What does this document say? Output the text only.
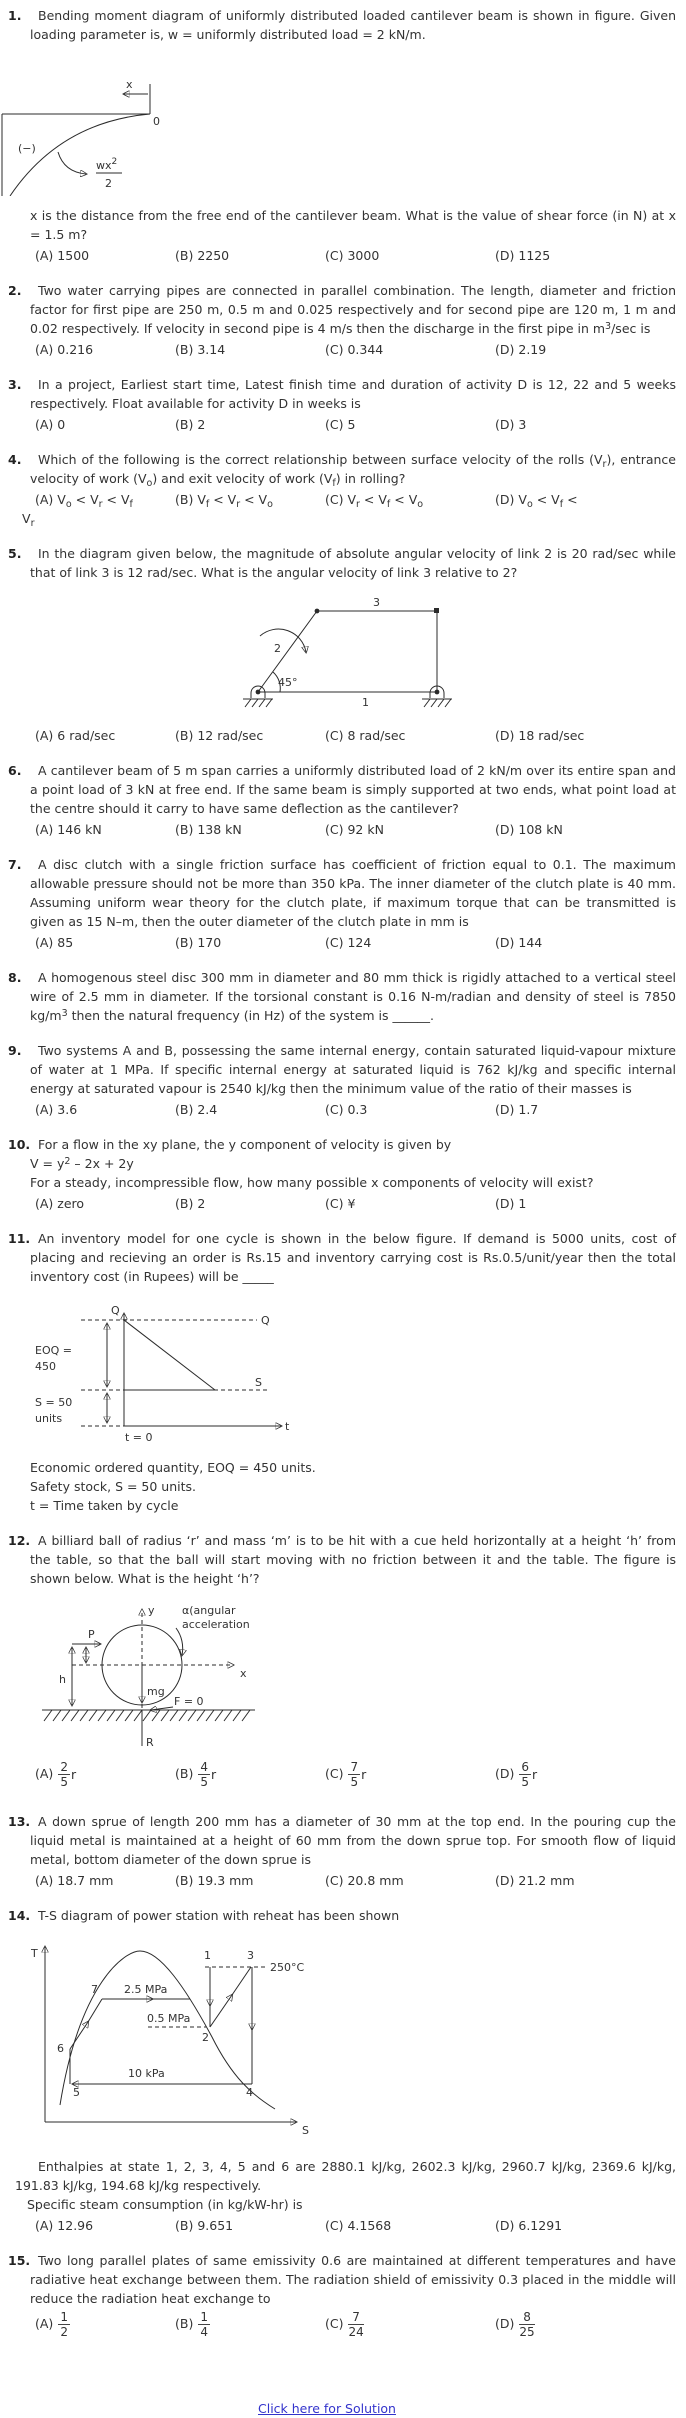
1.	Bending moment diagram of uniformly distributed loaded cantilever beam is shown in figure. Given loading parameter is, w = uniformly distributed load = 2 kN/m.

x
0
(−)
$wx^2$
2

x is the distance from the free end of the cantilever beam. What is the value of shear force (in N) at x = 1.5 m?

(A) 1500	(B) 2250	(C) 3000	(D) 1125
2.	Two water carrying pipes are connected in parallel combination. The length, diameter and friction factor for first pipe are 250 m, 0.5 m and 0.025 respectively and for second pipe are 120 m, 1 m and 0.02 respectively. If velocity in second pipe is 4 m/s then the discharge in the first pipe in $m^3/\sec$ is

(A) 0.216	(B) 3.14	(C) 0.344	(D) 2.19
3.	In a project, Earliest start time, Latest finish time and duration of activity D is 12, 22 and 5 weeks respectively. Float available for activity D in weeks is

(A) 0	(B) 2	(C) 5	(D) 3
4.	Which of the following is the correct relationship between surface velocity of the rolls $(V_r)$, entrance velocity of work $(V_o)$ and exit velocity of work $(V_f)$ in rolling?

(A) $V_o < V_r < V_f$	(B) $V_f < V_r < V_o$	(C) $V_r < V_f < V_o$	(D) $V_o < V_f$ <
$V_r$
5.	In the diagram given below, the magnitude of absolute angular velocity of link 2 is 20 rad/sec while that of link 3 is 12 rad/sec. What is the angular velocity of link 3 relative to 2?

3
1
2
45°
(A) 6 rad/sec	(B) 12 rad/sec	(C) 8 rad/sec	(D) 18 rad/sec
6.	A cantilever beam of 5 m span carries a uniformly distributed load of 2 kN/m over its entire span and a point load of 3 kN at free end. If the same beam is simply supported at two ends, what point load at the centre should it carry to have same deflection as the cantilever?

(A) 146 kN	(B) 138 kN	(C) 92 kN	(D) 108 kN
7.	A disc clutch with a single friction surface has coefficient of friction equal to 0.1. The maximum allowable pressure should not be more than 350 kPa. The inner diameter of the clutch plate is 40 mm. Assuming uniform wear theory for the clutch plate, if maximum torque that can be transmitted is given as 15 N–m, then the outer diameter of the clutch plate in mm is

(A) 85	(B) 170	(C) 124	(D) 144
8.	A homogenous steel disc 300 mm in diameter and 80 mm thick is rigidly attached to a vertical steel wire of 2.5 mm in diameter. If the torsional constant is 0.16 N-m/radian and density of steel is 7850 $kg/m^3$ then the natural frequency (in Hz) of the system is ______.

9.	Two systems A and B, possessing the same internal energy, contain saturated liquid-vapour mixture of water at 1 MPa. If specific internal energy at saturated liquid is 762 kJ/kg and specific internal energy at saturated vapour is 2540 kJ/kg then the minimum value of the ratio of their masses is

(A) 3.6	(B) 2.4	(C) 0.3	(D) 1.7
10. For a flow in the xy plane, the y component of velocity is given by

$V = y^2 - 2x + 2y$

For a steady, incompressible flow, how many possible x components of velocity will exist?

(A) zero	(B) 2	(C) ¥	(D) 1
11. An inventory model for one cycle is shown in the below figure. If demand is 5000 units, cost of placing and recieving an order is Rs.15 and inventory carrying cost is Rs.0.5/unit/year then the total inventory cost (in Rupees) will be _____

Q
Q
S
t
EOQ =
450
S = 50
units
t = 0

Economic ordered quantity, EOQ = 450 units.

Safety stock, S = 50 units.

t = Time taken by cycle

12. A billiard ball of radius ‘r’ and mass ‘m’ is to be hit with a cue held horizontally at a height ‘h’ from the table, so that the ball will start moving with no friction between it and the table. The figure is shown below. What is the height ‘h’?

y
x
P
h
mg
F = 0
R
α(angular
acceleration
$(A) \frac{2}{5}$ r	$(B) \frac{4}{5}$ r	$(C) \frac{7}{5}$ r	$(D) \frac{6}{5}$ r
13. A down sprue of length 200 mm has a diameter of 30 mm at the top end. In the pouring cup the liquid metal is maintained at a height of 60 mm from the down sprue top. For smooth flow of liquid metal, bottom diameter of the down sprue is

(A) 18.7 mm	(B) 19.3 mm	(C) 20.8 mm	(D) 21.2 mm
14. T-S diagram of power station with reheat has been shown

T
S
250°C
1
2
0.5 MPa
3
4
10 kPa
5
6
7 2.5 MPa

Enthalpies at state 1, 2, 3, 4, 5 and 6 are 2880.1 kJ/kg, 2602.3 kJ/kg, 2960.7 kJ/kg, 2369.6 kJ/kg, 191.83 kJ/kg, 194.68 kJ/kg respectively.

Specific steam consumption (in kg/kW-hr) is

(A) 12.96	(B) 9.651	(C) 4.1568	(D) 6.1291
15. Two long parallel plates of same emissivity 0.6 are maintained at different temperatures and have radiative heat exchange between them. The radiation shield of emissivity 0.3 placed in the middle will reduce the radiation heat exchange to

$(A) \frac{1}{2}$	$(B) \frac{1}{4}$	$(C) \frac{7}{24}$	$(D) \frac{8}{25}$
Click here for Solution
